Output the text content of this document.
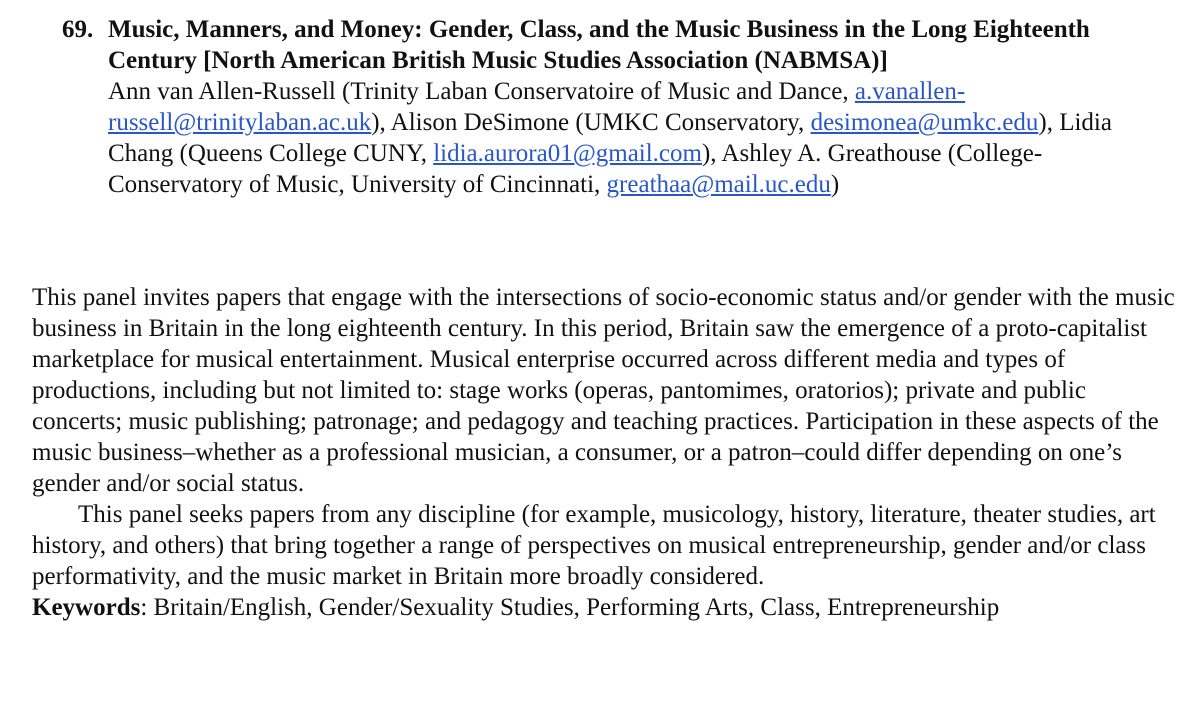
69. Music, Manners, and Money: Gender, Class, and the Music Business in the Long Eighteenth Century [North American British Music Studies Association (NABMSA)]

Ann van Allen-Russell (Trinity Laban Conservatoire of Music and Dance, a.vanallen-russell@trinitylaban.ac.uk), Alison DeSimone (UMKC Conservatory, desimonea@umkc.edu), Lidia Chang (Queens College CUNY, lidia.aurora01@gmail.com), Ashley A. Greathouse (College-Conservatory of Music, University of Cincinnati, greathaa@mail.uc.edu)

This panel invites papers that engage with the intersections of socio-economic status and/or gender with the music business in Britain in the long eighteenth century. In this period, Britain saw the emergence of a proto-capitalist marketplace for musical entertainment. Musical enterprise occurred across different media and types of productions, including but not limited to: stage works (operas, pantomimes, oratorios); private and public concerts; music publishing; patronage; and pedagogy and teaching practices. Participation in these aspects of the music business–whether as a professional musician, a consumer, or a patron–could differ depending on one’s gender and/or social status.

This panel seeks papers from any discipline (for example, musicology, history, literature, theater studies, art history, and others) that bring together a range of perspectives on musical entrepreneurship, gender and/or class performativity, and the music market in Britain more broadly considered.

Keywords: Britain/English, Gender/Sexuality Studies, Performing Arts, Class, Entrepreneurship
